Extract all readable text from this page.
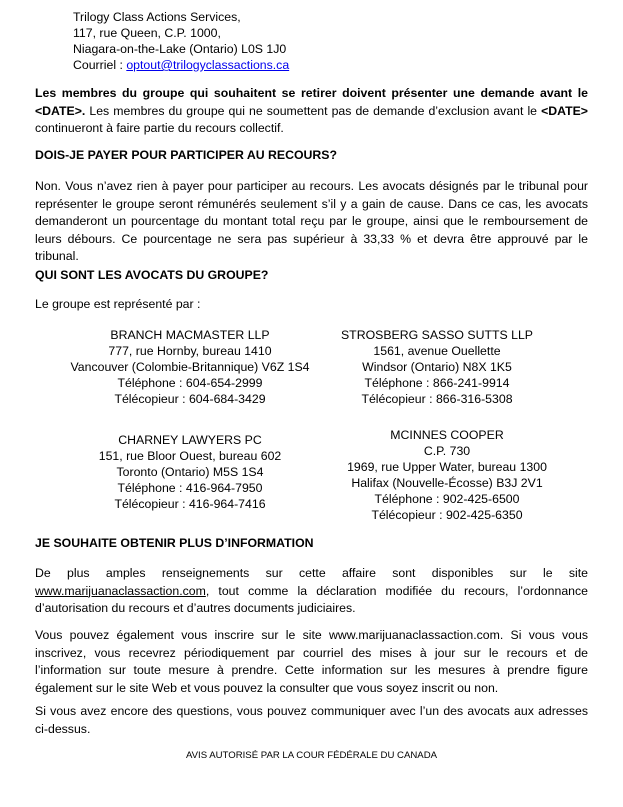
Trilogy Class Actions Services,
117, rue Queen, C.P. 1000,
Niagara-on-the-Lake (Ontario) L0S 1J0
Courriel : optout@trilogyclassactions.ca
Les membres du groupe qui souhaitent se retirer doivent présenter une demande avant le <DATE>. Les membres du groupe qui ne soumettent pas de demande d’exclusion avant le <DATE> continueront à faire partie du recours collectif.
DOIS-JE PAYER POUR PARTICIPER AU RECOURS?
Non. Vous n’avez rien à payer pour participer au recours. Les avocats désignés par le tribunal pour représenter le groupe seront rémunérés seulement s’il y a gain de cause. Dans ce cas, les avocats demanderont un pourcentage du montant total reçu par le groupe, ainsi que le remboursement de leurs débours. Ce pourcentage ne sera pas supérieur à 33,33 % et devra être approuvé par le tribunal.
QUI SONT LES AVOCATS DU GROUPE?
Le groupe est représenté par :
BRANCH MACMASTER LLP
777, rue Hornby, bureau 1410
Vancouver (Colombie-Britannique) V6Z 1S4
Téléphone : 604-654-2999
Télécopieur : 604-684-3429
STROSBERG SASSO SUTTS LLP
1561, avenue Ouellette
Windsor (Ontario) N8X 1K5
Téléphone : 866-241-9914
Télécopieur : 866-316-5308
CHARNEY LAWYERS PC
151, rue Bloor Ouest, bureau 602
Toronto (Ontario) M5S 1S4
Téléphone : 416-964-7950
Télécopieur : 416-964-7416
MCINNES COOPER
C.P. 730
1969, rue Upper Water, bureau 1300
Halifax (Nouvelle-Écosse) B3J 2V1
Téléphone : 902-425-6500
Télécopieur : 902-425-6350
JE SOUHAITE OBTENIR PLUS D’INFORMATION
De plus amples renseignements sur cette affaire sont disponibles sur le site www.marijuanaclassaction.com, tout comme la déclaration modifiée du recours, l’ordonnance d’autorisation du recours et d’autres documents judiciaires.
Vous pouvez également vous inscrire sur le site www.marijuanaclassaction.com. Si vous vous inscrivez, vous recevrez périodiquement par courriel des mises à jour sur le recours et de l’information sur toute mesure à prendre. Cette information sur les mesures à prendre figure également sur le site Web et vous pouvez la consulter que vous soyez inscrit ou non.
Si vous avez encore des questions, vous pouvez communiquer avec l’un des avocats aux adresses ci-dessus.
AVIS AUTORISÉ PAR LA COUR FÉDÉRALE DU CANADA
